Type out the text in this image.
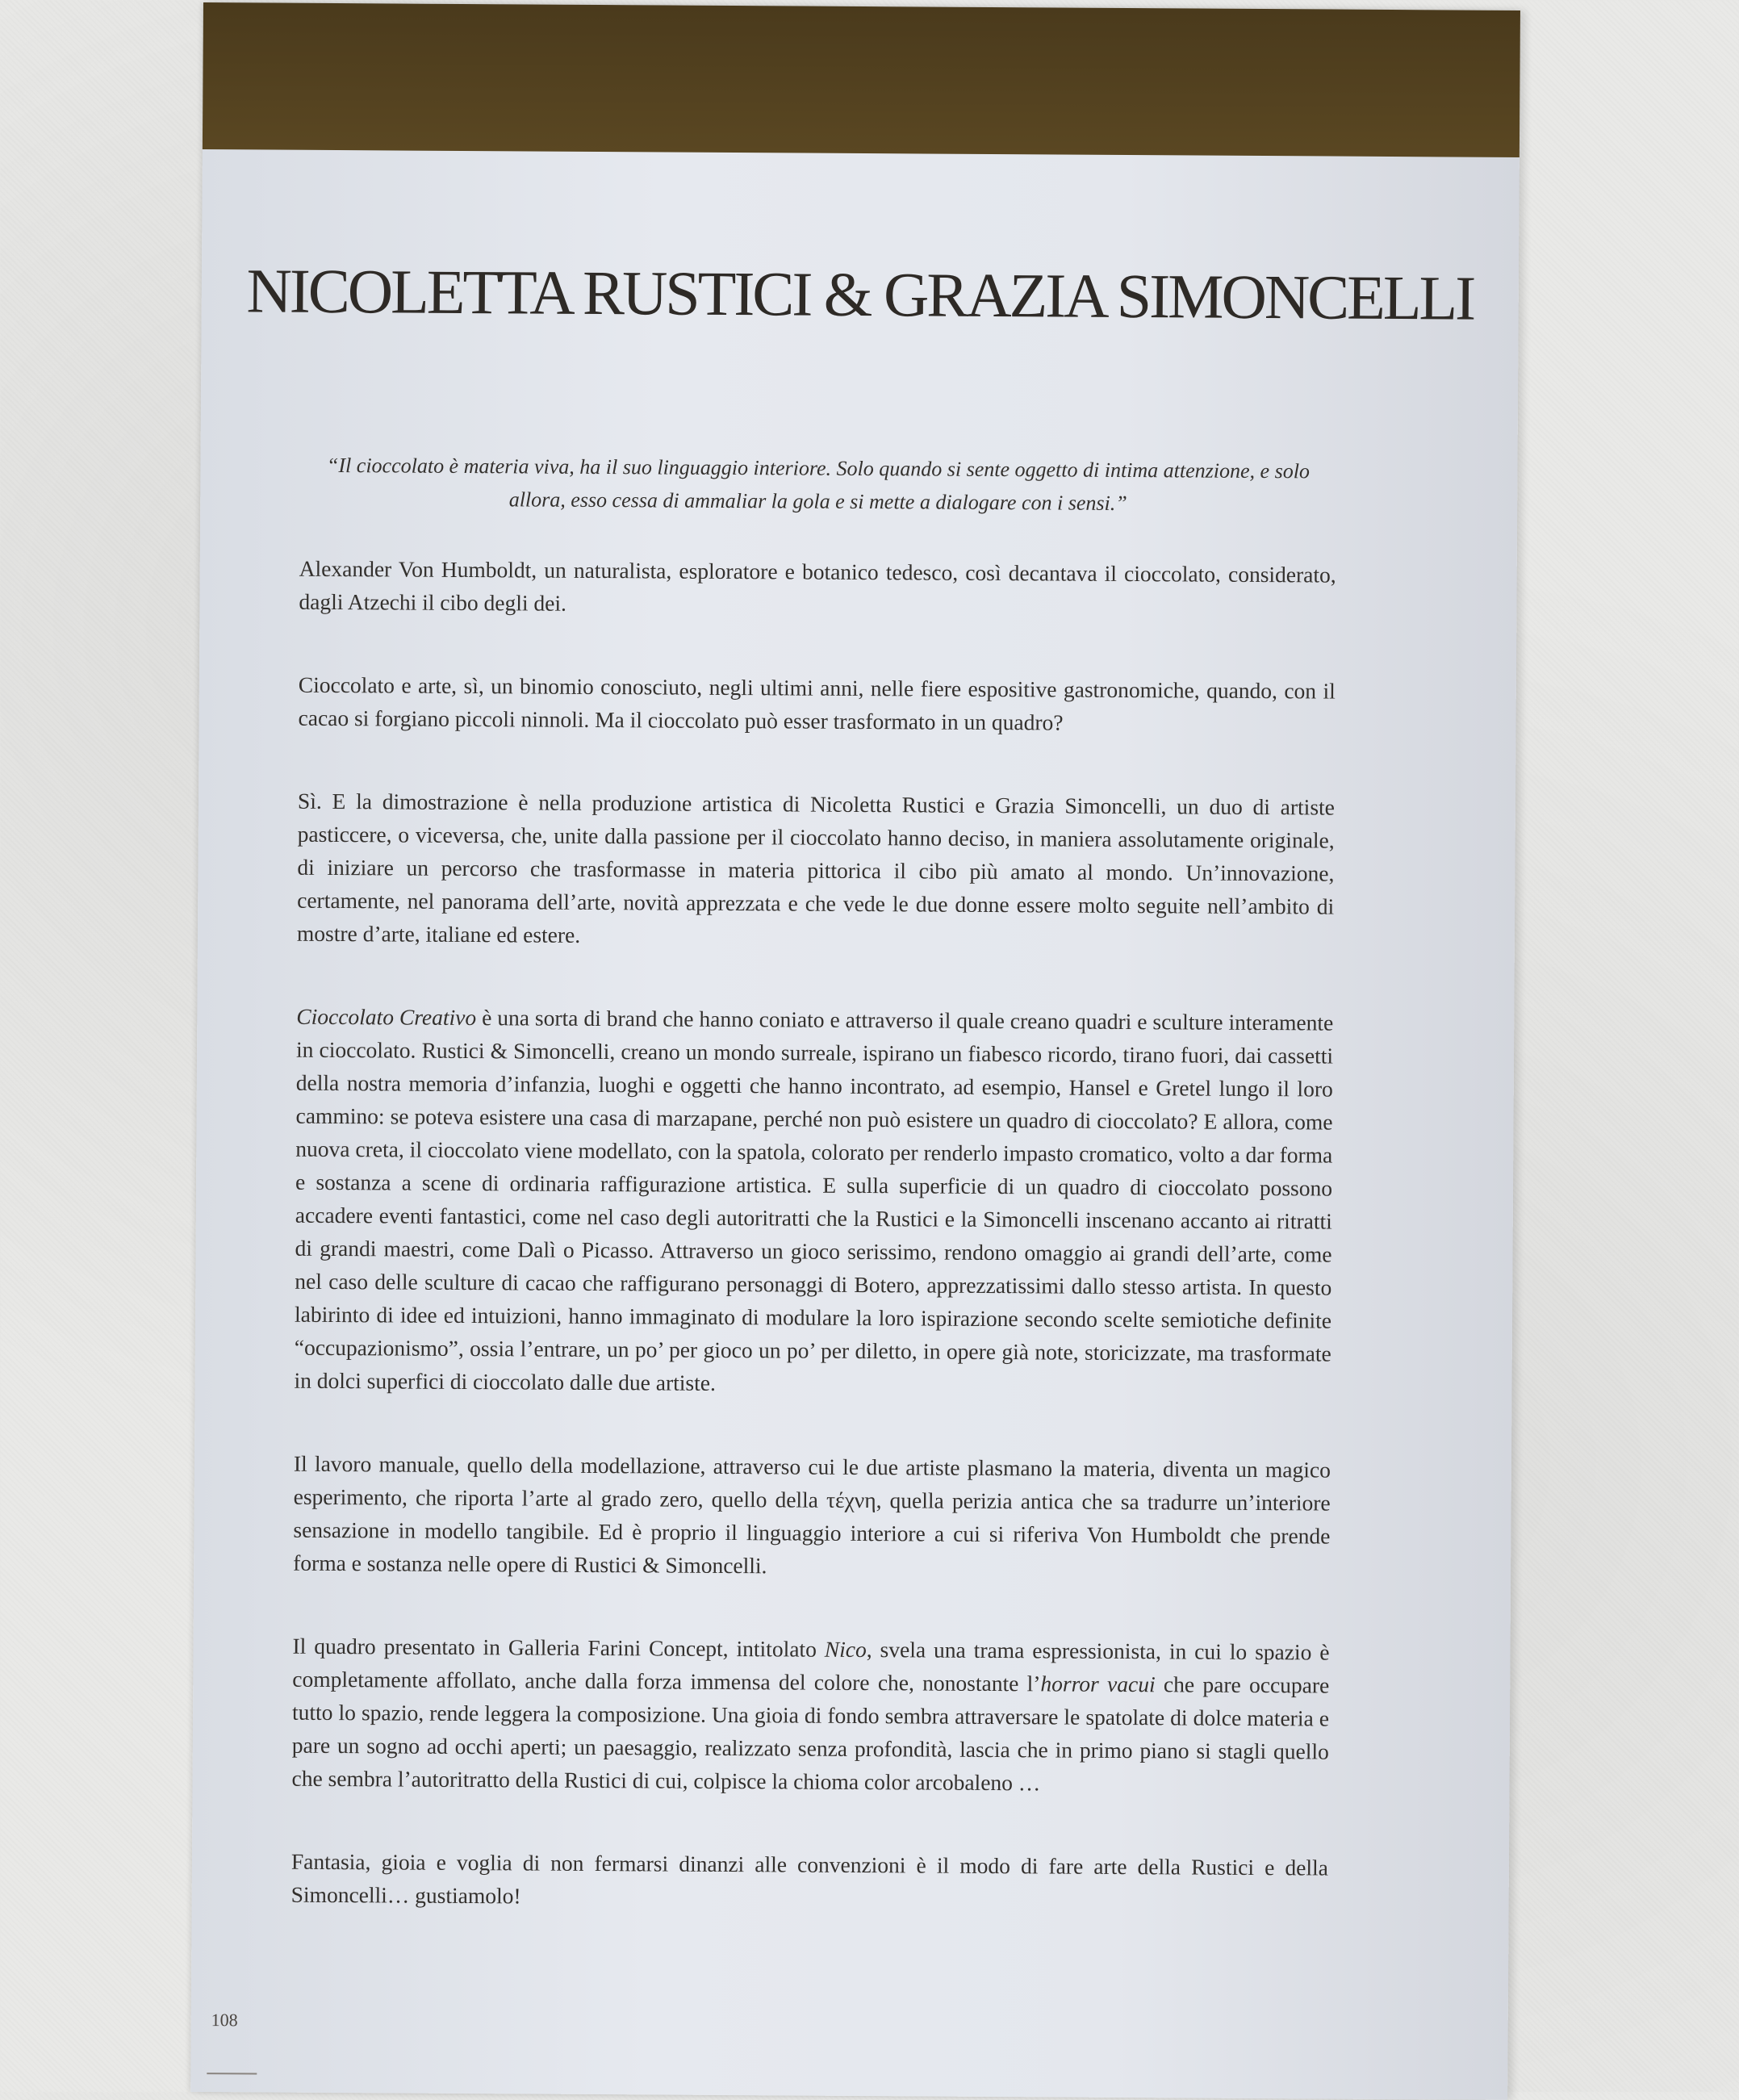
NICOLETTA RUSTICI & GRAZIA SIMONCELLI

“Il cioccolato è materia viva, ha il suo linguaggio interiore. Solo quando si sente oggetto di intima attenzione, e solo allora, esso cessa di ammaliar la gola e si mette a dialogare con i sensi.”

Alexander Von Humboldt, un naturalista, esploratore e botanico tedesco, così decantava il cioccolato, considerato, dagli Atzechi il cibo degli dei.

Cioccolato e arte, sì, un binomio conosciuto, negli ultimi anni, nelle fiere espositive gastronomiche, quando, con il cacao si forgiano piccoli ninnoli. Ma il cioccolato può esser trasformato in un quadro?

Sì. E la dimostrazione è nella produzione artistica di Nicoletta Rustici e Grazia Simoncelli, un duo di artiste pasticcere, o viceversa, che, unite dalla passione per il cioccolato hanno deciso, in maniera assolutamente originale, di iniziare un percorso che trasformasse in materia pittorica il cibo più amato al mondo. Un’innovazione, certamente, nel panorama dell’arte, novità apprezzata e che vede le due donne essere molto seguite nell’ambito di mostre d’arte, italiane ed estere.

Cioccolato Creativo è una sorta di brand che hanno coniato e attraverso il quale creano quadri e sculture interamente in cioccolato. Rustici & Simoncelli, creano un mondo surreale, ispirano un fiabesco ricordo, tirano fuori, dai cassetti della nostra memoria d’infanzia, luoghi e oggetti che hanno incontrato, ad esempio, Hansel e Gretel lungo il loro cammino: se poteva esistere una casa di marzapane, perché non può esistere un quadro di cioccolato? E allora, come nuova creta, il cioccolato viene modellato, con la spatola, colorato per renderlo impasto cromatico, volto a dar forma e sostanza a scene di ordinaria raffigurazione artistica. E sulla superficie di un quadro di cioccolato possono accadere eventi fantastici, come nel caso degli autoritratti che la Rustici e la Simoncelli inscenano accanto ai ritratti di grandi maestri, come Dalì o Picasso. Attraverso un gioco serissimo, rendono omaggio ai grandi dell’arte, come nel caso delle sculture di cacao che raffigurano personaggi di Botero, apprezzatissimi dallo stesso artista. In questo labirinto di idee ed intuizioni, hanno immaginato di modulare la loro ispirazione secondo scelte semiotiche definite “occupazionismo”, ossia l’entrare, un po’ per gioco un po’ per diletto, in opere già note, storicizzate, ma trasformate in dolci superfici di cioccolato dalle due artiste.

Il lavoro manuale, quello della modellazione, attraverso cui le due artiste plasmano la materia, diventa un magico esperimento, che riporta l’arte al grado zero, quello della τέχνη, quella perizia antica che sa tradurre un’interiore sensazione in modello tangibile. Ed è proprio il linguaggio interiore a cui si riferiva Von Humboldt che prende forma e sostanza nelle opere di Rustici & Simoncelli.

Il quadro presentato in Galleria Farini Concept, intitolato Nico, svela una trama espressionista, in cui lo spazio è completamente affollato, anche dalla forza immensa del colore che, nonostante l’horror vacui che pare occupare tutto lo spazio, rende leggera la composizione. Una gioia di fondo sembra attraversare le spatolate di dolce materia e pare un sogno ad occhi aperti; un paesaggio, realizzato senza profondità, lascia che in primo piano si stagli quello che sembra l’autoritratto della Rustici di cui, colpisce la chioma color arcobaleno …

Fantasia, gioia e voglia di non fermarsi dinanzi alle convenzioni è il modo di fare arte della Rustici e della Simoncelli… gustiamolo!

108
